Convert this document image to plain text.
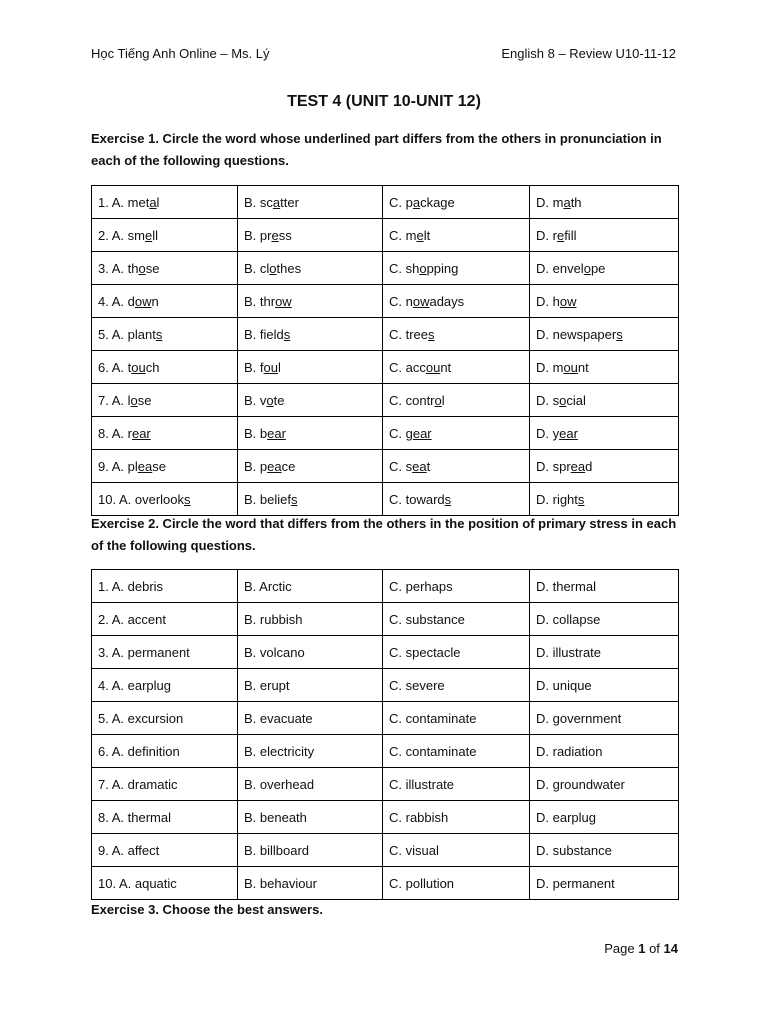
Học Tiếng Anh Online – Ms. Lý	English 8 – Review U10-11-12
TEST 4 (UNIT 10-UNIT 12)
Exercise 1. Circle the word whose underlined part differs from the others in pronunciation in each of the following questions.
1. A. metal	B. scatter	C. package	D. math
2. A. smell	B. press	C. melt	D. refill
3. A. those	B. clothes	C. shopping	D. envelope
4. A. down	B. throw	C. nowadays	D. how
5. A. plants	B. fields	C. trees	D. newspapers
6. A. touch	B. foul	C. account	D. mount
7. A. lose	B. vote	C. control	D. social
8. A. rear	B. bear	C. gear	D. year
9. A. please	B. peace	C. seat	D. spread
10. A. overlooks	B. beliefs	C. towards	D. rights
Exercise 2. Circle the word that differs from the others in the position of primary stress in each of the following questions.
1. A. debris	B. Arctic	C. perhaps	D. thermal
2. A. accent	B. rubbish	C. substance	D. collapse
3. A. permanent	B. volcano	C. spectacle	D. illustrate
4. A. earplug	B. erupt	C. severe	D. unique
5. A. excursion	B. evacuate	C. contaminate	D. government
6. A. definition	B. electricity	C. contaminate	D. radiation
7. A. dramatic	B. overhead	C. illustrate	D. groundwater
8. A. thermal	B. beneath	C. rabbish	D. earplug
9. A. affect	B. billboard	C. visual	D. substance
10. A. aquatic	B. behaviour	C. pollution	D. permanent
Exercise 3. Choose the best answers.
Page 1 of 14
